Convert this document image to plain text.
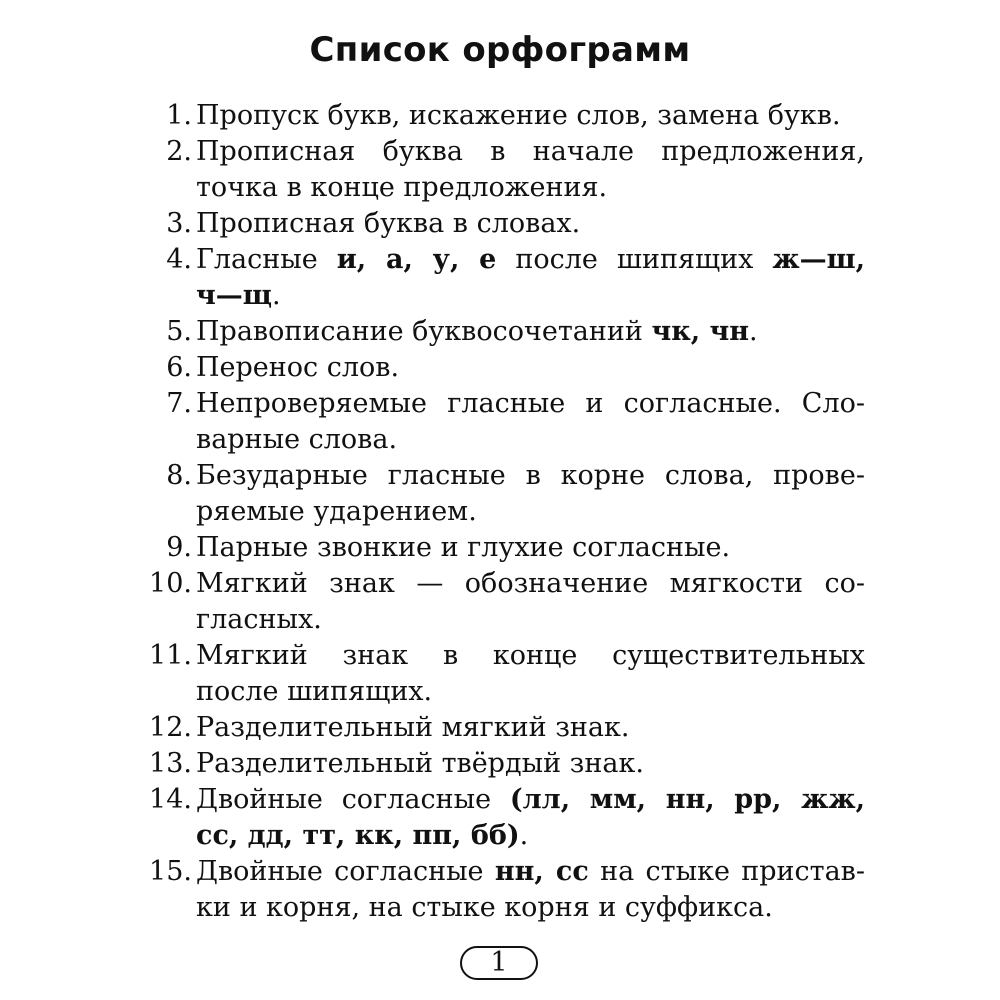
Список орфограмм
1. Пропуск букв, искажение слов, замена букв.
2. Прописная буква в начале предложения,
точка в конце предложения.
3. Прописная буква в словах.
4. Гласные и, а, у, е после шипящих ж—ш,
ч—щ.
5. Правописание буквосочетаний чк, чн.
6. Перенос слов.
7. Непроверяемые гласные и согласные. Сло-
варные слова.
8. Безударные гласные в корне слова, прове-
ряемые ударением.
9. Парные звонкие и глухие согласные.
10. Мягкий знак — обозначение мягкости со-
гласных.
11. Мягкий знак в конце существительных
после шипящих.
12. Разделительный мягкий знак.
13. Разделительный твёрдый знак.
14. Двойные согласные (лл, мм, нн, рр, жж,
сс, дд, тт, кк, пп, бб).
15. Двойные согласные нн, сс на стыке пристав-
ки и корня, на стыке корня и суффикса.
1
